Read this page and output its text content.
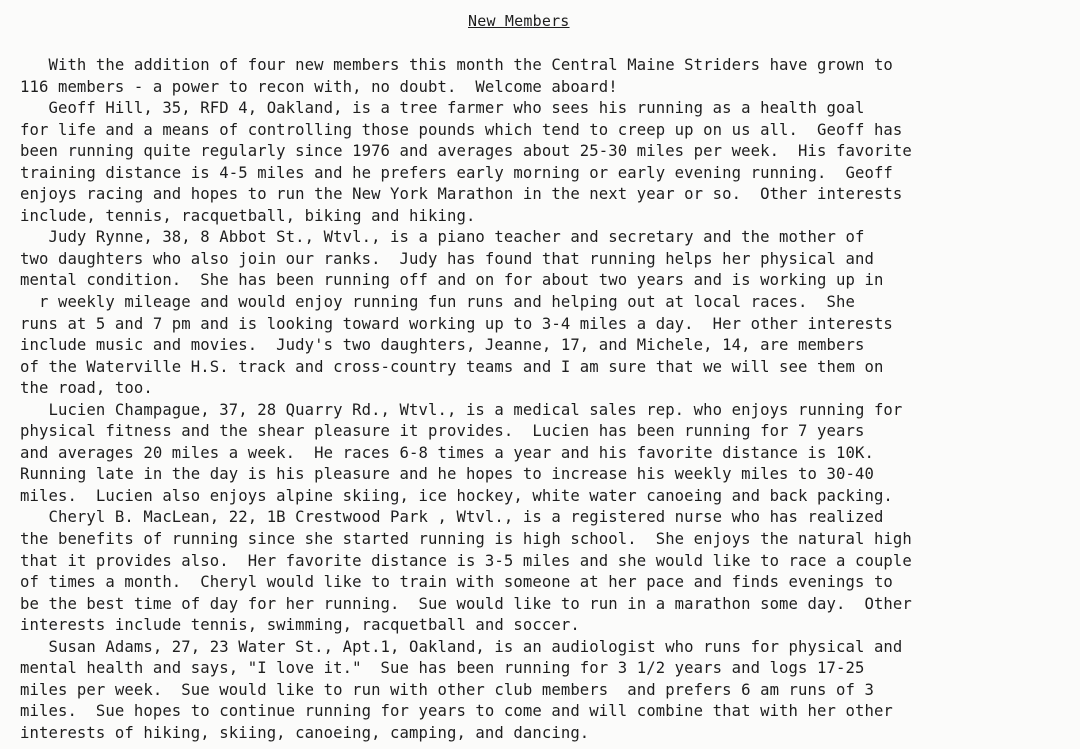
New Members
With the addition of four new members this month the Central Maine Striders have grown to
116 members - a power to recon with, no doubt.  Welcome aboard!
Geoff Hill, 35, RFD 4, Oakland, is a tree farmer who sees his running as a health goal
for life and a means of controlling those pounds which tend to creep up on us all.  Geoff has
been running quite regularly since 1976 and averages about 25-30 miles per week.  His favorite
training distance is 4-5 miles and he prefers early morning or early evening running.  Geoff
enjoys racing and hopes to run the New York Marathon in the next year or so.  Other interests
include, tennis, racquetball, biking and hiking.
Judy Rynne, 38, 8 Abbot St., Wtvl., is a piano teacher and secretary and the mother of
two daughters who also join our ranks.  Judy has found that running helps her physical and
mental condition.  She has been running off and on for about two years and is working up in
r weekly mileage and would enjoy running fun runs and helping out at local races.  She
runs at 5 and 7 pm and is looking toward working up to 3-4 miles a day.  Her other interests
include music and movies.  Judy's two daughters, Jeanne, 17, and Michele, 14, are members
of the Waterville H.S. track and cross-country teams and I am sure that we will see them on
the road, too.
Lucien Champague, 37, 28 Quarry Rd., Wtvl., is a medical sales rep. who enjoys running for
physical fitness and the shear pleasure it provides.  Lucien has been running for 7 years
and averages 20 miles a week.  He races 6-8 times a year and his favorite distance is 10K.
Running late in the day is his pleasure and he hopes to increase his weekly miles to 30-40
miles.  Lucien also enjoys alpine skiing, ice hockey, white water canoeing and back packing.
Cheryl B. MacLean, 22, 1B Crestwood Park , Wtvl., is a registered nurse who has realized
the benefits of running since she started running is high school.  She enjoys the natural high
that it provides also.  Her favorite distance is 3-5 miles and she would like to race a couple
of times a month.  Cheryl would like to train with someone at her pace and finds evenings to
be the best time of day for her running.  Sue would like to run in a marathon some day.  Other
interests include tennis, swimming, racquetball and soccer.
Susan Adams, 27, 23 Water St., Apt.1, Oakland, is an audiologist who runs for physical and
mental health and says, "I love it."  Sue has been running for 3 1/2 years and logs 17-25
miles per week.  Sue would like to run with other club members  and prefers 6 am runs of 3
miles.  Sue hopes to continue running for years to come and will combine that with her other
interests of hiking, skiing, canoeing, camping, and dancing.
